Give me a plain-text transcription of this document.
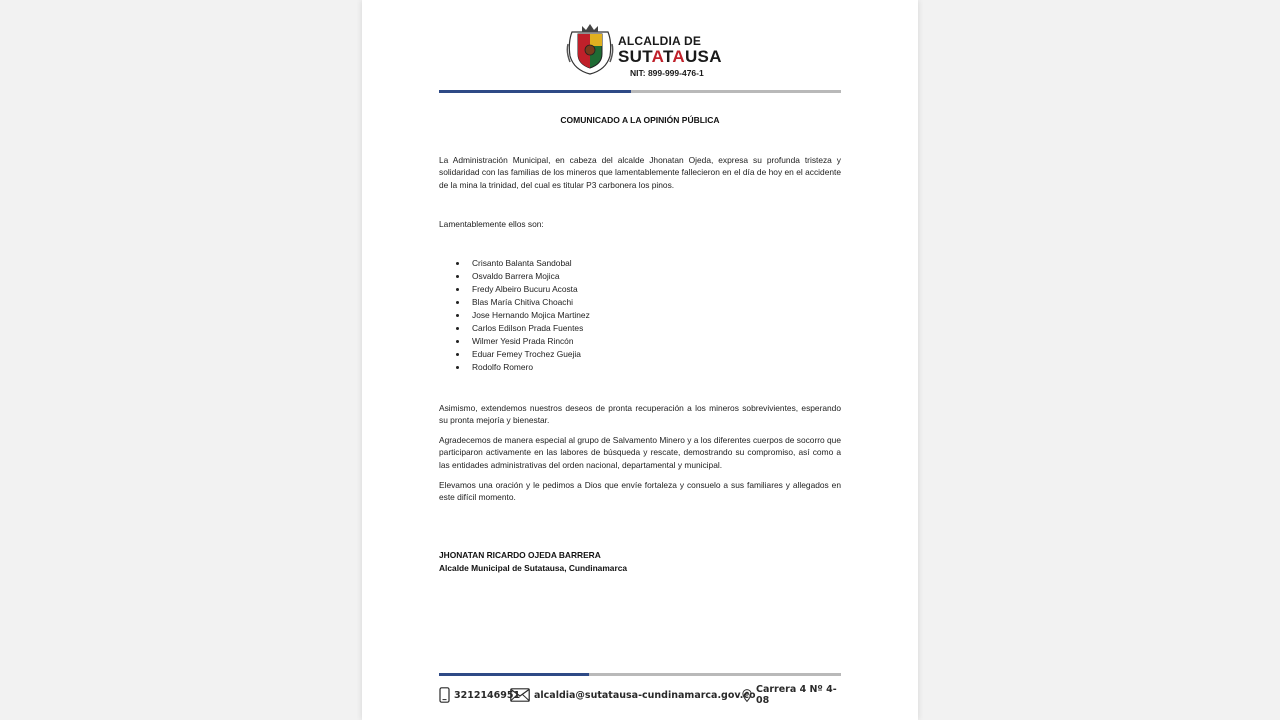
ALCALDIA DE
SUTATAUSA
NIT: 899-999-476-1
COMUNICADO A LA OPINIÓN PÚBLICA

La Administración Municipal, en cabeza del alcalde Jhonatan Ojeda, expresa su profunda tristeza y solidaridad con las familias de los mineros que lamentablemente fallecieron en el día de hoy en el accidente de la mina la trinidad, del cual es titular P3 carbonera los pinos.

Lamentablemente ellos son:

Crisanto Balanta Sandobal
Osvaldo Barrera Mojica
Fredy Albeiro Bucuru Acosta
Blas María Chitiva Choachi
Jose Hernando Mojica Martinez
Carlos Edilson Prada Fuentes
Wilmer Yesid Prada Rincón
Eduar Femey Trochez Guejia
Rodolfo Romero

Asimismo, extendemos nuestros deseos de pronta recuperación a los mineros sobrevivientes, esperando su pronta mejoría y bienestar.

Agradecemos de manera especial al grupo de Salvamento Minero y a los diferentes cuerpos de socorro que participaron activamente en las labores de búsqueda y rescate, demostrando su compromiso, así como a las entidades administrativas del orden nacional, departamental y municipal.

Elevamos una oración y le pedimos a Dios que envíe fortaleza y consuelo a sus familiares y allegados en este difícil momento.

JHONATAN RICARDO OJEDA BARRERA
Alcalde Municipal de Sutatausa, Cundinamarca
3212146951 alcaldia@sutatausa-cundinamarca.gov.co Carrera 4 Nº 4-08
